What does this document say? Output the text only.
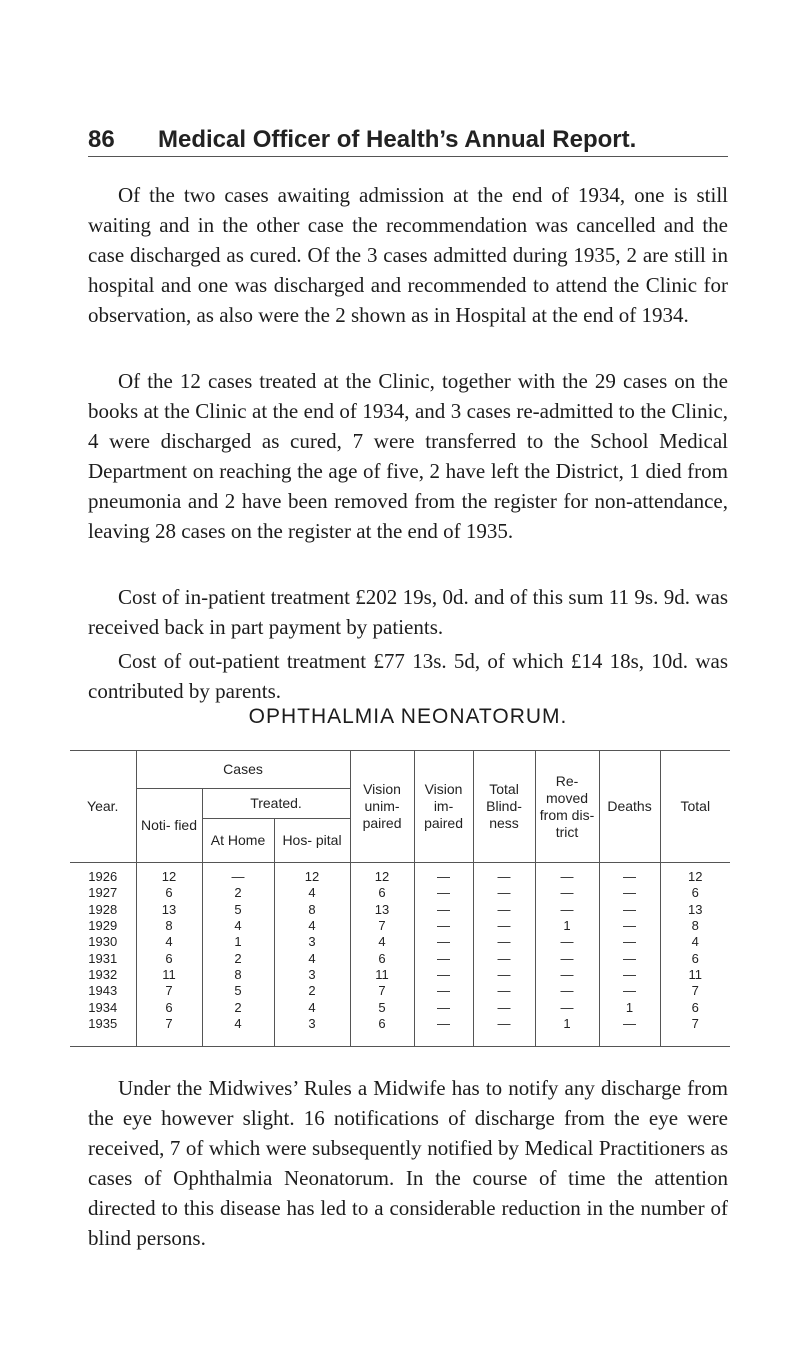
86 Medical Officer of Health’s Annual Report.

Of the two cases awaiting admission at the end of 1934, one is still waiting and in the other case the recommendation was cancelled and the case discharged as cured. Of the 3 cases admitted during 1935, 2 are still in hospital and one was discharged and recommended to attend the Clinic for observation, as also were the 2 shown as in Hospital at the end of 1934.

Of the 12 cases treated at the Clinic, together with the 29 cases on the books at the Clinic at the end of 1934, and 3 cases re-admitted to the Clinic, 4 were discharged as cured, 7 were transferred to the School Medical Department on reaching the age of five, 2 have left the District, 1 died from pneumonia and 2 have been removed from the register for non-attendance, leaving 28 cases on the register at the end of 1935.

Cost of in-patient treatment £202 19s, 0d. and of this sum 11 9s. 9d. was received back in part payment by patients.

Cost of out-patient treatment £77 13s. 5d, of which £14 18s, 10d. was contributed by parents.

OPHTHALMIA NEONATORUM.
Year.	Cases			Vision unim- paired	Vision im- paired	Total Blind- ness	Re- moved from dis- trict	Deaths	Total
	Noti- fied	Treated.							
		At Home	Hos- pital						
1926	12	—	12	12	—	—	—	—	12
1927	6	2	4	6	—	—	—	—	6
1928	13	5	8	13	—	—	—	—	13
1929	8	4	4	7	—	—	1	—	8
1930	4	1	3	4	—	—	—	—	4
1931	6	2	4	6	—	—	—	—	6
1932	11	8	3	11	—	—	—	—	11
1943	7	5	2	7	—	—	—	—	7
1934	6	2	4	5	—	—	—	1	6
1935	7	4	3	6	—	—	1	—	7

Under the Midwives’ Rules a Midwife has to notify any discharge from the eye however slight. 16 notifications of discharge from the eye were received, 7 of which were subsequently notified by Medical Practitioners as cases of Ophthalmia Neonatorum. In the course of time the attention directed to this disease has led to a considerable reduction in the number of blind persons.
